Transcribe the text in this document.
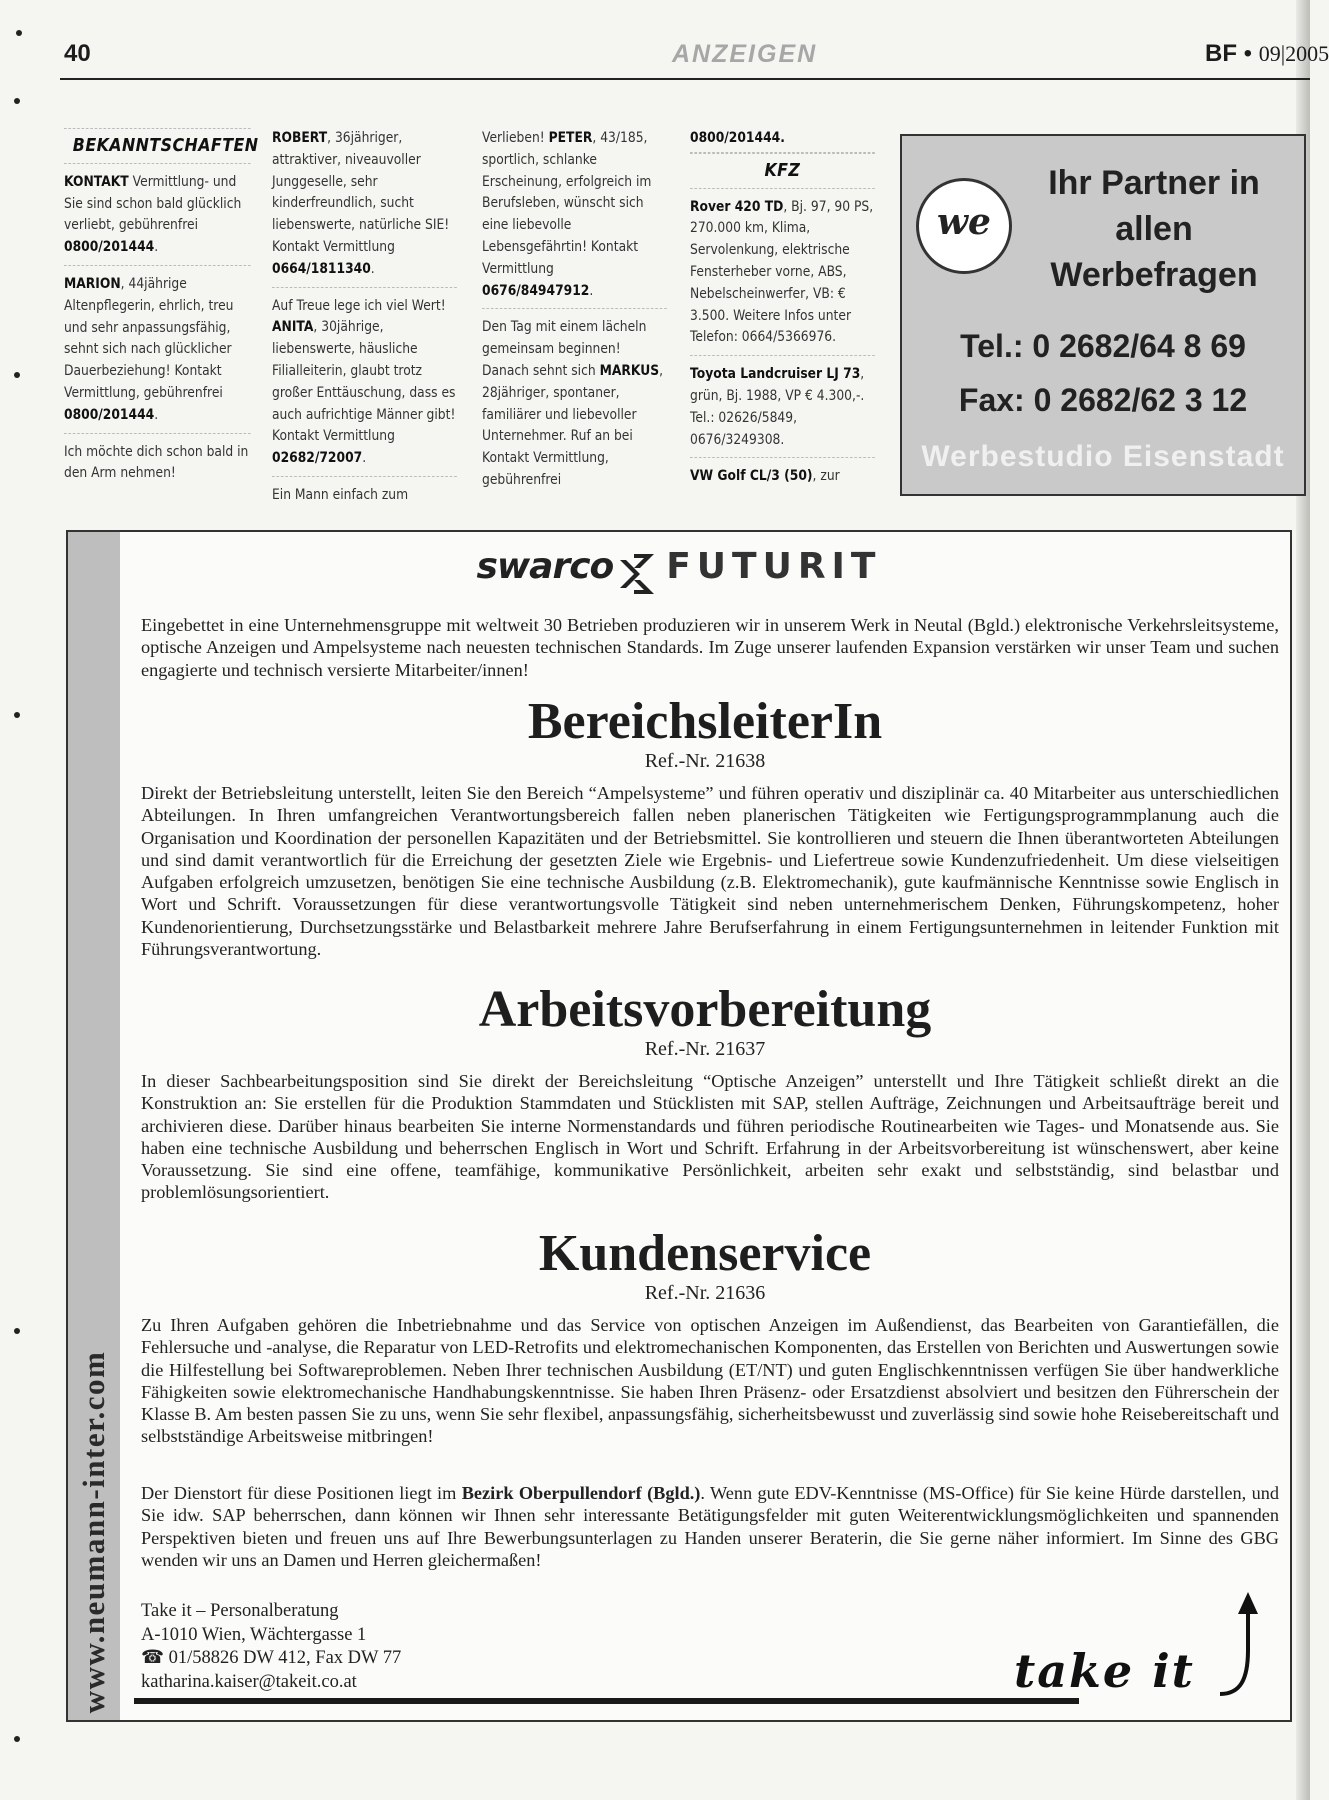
40	ANZEIGEN	BF • 09|2005
BEKANNTSCHAFTEN
KONTAKT Vermittlung- und Sie sind schon bald glücklich verliebt, gebührenfrei 0800/201444.
MARION, 44jährige Altenpflegerin, ehrlich, treu und sehr anpassungsfähig, sehnt sich nach glücklicher Dauerbeziehung! Kontakt Vermittlung, gebührenfrei 0800/201444.
Ich möchte dich schon bald in den Arm nehmen!
ROBERT, 36jähriger, attraktiver, niveauvoller Junggeselle, sehr kinderfreundlich, sucht liebenswerte, natürliche SIE! Kontakt Vermittlung 0664/1811340.
Auf Treue lege ich viel Wert! ANITA, 30jährige, liebenswerte, häusliche Filialleiterin, glaubt trotz großer Enttäuschung, dass es auch aufrichtige Männer gibt! Kontakt Vermittlung 02682/72007.
Ein Mann einfach zum
Verlieben! PETER, 43/185, sportlich, schlanke Erscheinung, erfolgreich im Berufsleben, wünscht sich eine liebevolle Lebensgefährtin! Kontakt Vermittlung 0676/84947912.
Den Tag mit einem lächeln gemeinsam beginnen! Danach sehnt sich MARKUS, 28jähriger, spontaner, familiärer und liebevoller Unternehmer. Ruf an bei Kontakt Vermittlung, gebührenfrei
0800/201444.
KFZ
Rover 420 TD, Bj. 97, 90 PS, 270.000 km, Klima, Servolenkung, elektrische Fensterheber vorne, ABS, Nebelscheinwerfer, VB: € 3.500. Weitere Infos unter Telefon: 0664/5366976.
Toyota Landcruiser LJ 73, grün, Bj. 1988, VP € 4.300,-. Tel.: 02626/5849, 0676/3249308.
VW Golf CL/3 (50), zur
we
Ihr Partner in allen Werbefragen
Tel.: 0 2682/64 8 69
Fax: 0 2682/62 3 12
Werbestudio Eisenstadt
www.neumann-inter.com
swarco FUTURIT
Eingebettet in eine Unternehmensgruppe mit weltweit 30 Betrieben produzieren wir in unserem Werk in Neutal (Bgld.) elektronische Verkehrsleitsysteme, optische Anzeigen und Ampelsysteme nach neuesten technischen Standards. Im Zuge unserer laufenden Expansion verstärken wir unser Team und suchen engagierte und technisch versierte Mitarbeiter/innen!
BereichsleiterIn
Ref.-Nr. 21638
Direkt der Betriebsleitung unterstellt, leiten Sie den Bereich “Ampelsysteme” und führen operativ und disziplinär ca. 40 Mitarbeiter aus unterschiedlichen Abteilungen. In Ihren umfangreichen Verantwortungsbereich fallen neben planerischen Tätigkeiten wie Fertigungsprogrammplanung auch die Organisation und Koordination der personellen Kapazitäten und der Betriebsmittel. Sie kontrollieren und steuern die Ihnen überantworteten Abteilungen und sind damit verantwortlich für die Erreichung der gesetzten Ziele wie Ergebnis- und Liefertreue sowie Kundenzufriedenheit. Um diese vielseitigen Aufgaben erfolgreich umzusetzen, benötigen Sie eine technische Ausbildung (z.B. Elektromechanik), gute kaufmännische Kenntnisse sowie Englisch in Wort und Schrift. Voraussetzungen für diese verantwortungsvolle Tätigkeit sind neben unternehmerischem Denken, Führungskompetenz, hoher Kundenorientierung, Durchsetzungsstärke und Belastbarkeit mehrere Jahre Berufserfahrung in einem Fertigungsunternehmen in leitender Funktion mit Führungsverantwortung.
Arbeitsvorbereitung
Ref.-Nr. 21637
In dieser Sachbearbeitungsposition sind Sie direkt der Bereichsleitung “Optische Anzeigen” unterstellt und Ihre Tätigkeit schließt direkt an die Konstruktion an: Sie erstellen für die Produktion Stammdaten und Stücklisten mit SAP, stellen Aufträge, Zeichnungen und Arbeitsaufträge bereit und archivieren diese. Darüber hinaus bearbeiten Sie interne Normenstandards und führen periodische Routinearbeiten wie Tages- und Monatsende aus. Sie haben eine technische Ausbildung und beherrschen Englisch in Wort und Schrift. Erfahrung in der Arbeitsvorbereitung ist wünschenswert, aber keine Voraussetzung. Sie sind eine offene, teamfähige, kommunikative Persönlichkeit, arbeiten sehr exakt und selbstständig, sind belastbar und problemlösungsorientiert.
Kundenservice
Ref.-Nr. 21636
Zu Ihren Aufgaben gehören die Inbetriebnahme und das Service von optischen Anzeigen im Außendienst, das Bearbeiten von Garantiefällen, die Fehlersuche und -analyse, die Reparatur von LED-Retrofits und elektromechanischen Komponenten, das Erstellen von Berichten und Auswertungen sowie die Hilfestellung bei Softwareproblemen. Neben Ihrer technischen Ausbildung (ET/NT) und guten Englischkenntnissen verfügen Sie über handwerkliche Fähigkeiten sowie elektromechanische Handhabungskenntnisse. Sie haben Ihren Präsenz- oder Ersatzdienst absolviert und besitzen den Führerschein der Klasse B. Am besten passen Sie zu uns, wenn Sie sehr flexibel, anpassungsfähig, sicherheitsbewusst und zuverlässig sind sowie hohe Reisebereitschaft und selbstständige Arbeitsweise mitbringen!
Der Dienstort für diese Positionen liegt im Bezirk Oberpullendorf (Bgld.). Wenn gute EDV-Kenntnisse (MS-Office) für Sie keine Hürde darstellen, und Sie idw. SAP beherrschen, dann können wir Ihnen sehr interessante Betätigungsfelder mit guten Weiterentwicklungsmöglichkeiten und spannenden Perspektiven bieten und freuen uns auf Ihre Bewerbungsunterlagen zu Handen unserer Beraterin, die Sie gerne näher informiert. Im Sinne des GBG wenden wir uns an Damen und Herren gleichermaßen!
Take it – Personalberatung
A-1010 Wien, Wächtergasse 1
☎ 01/58826 DW 412, Fax DW 77
katharina.kaiser@takeit.co.at	take it
